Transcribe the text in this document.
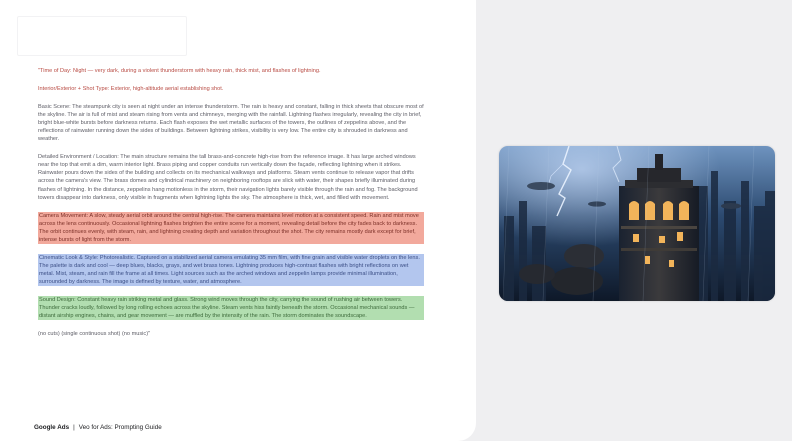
"Time of Day: Night — very dark, during a violent thunderstorm with heavy rain, thick mist, and flashes of lightning.

Interior/Exterior + Shot Type: Exterior, high-altitude aerial establishing shot.

Basic Scene: The steampunk city is seen at night under an intense thunderstorm. The rain is heavy and constant, falling in thick sheets that obscure most of the skyline. The air is full of mist and steam rising from vents and chimneys, merging with the rainfall. Lightning flashes irregularly, revealing the city in brief, bright blue-white bursts before darkness returns. Each flash exposes the wet metallic surfaces of the towers, the outlines of zeppelins above, and the reflections of rainwater running down the sides of buildings. Between lightning strikes, visibility is very low. The entire city is shrouded in darkness and weather.

Detailed Environment / Location: The main structure remains the tall brass-and-concrete high-rise from the reference image. It has large arched windows near the top that emit a dim, warm interior light. Brass piping and copper conduits run vertically down the façade, reflecting lightning when it strikes. Rainwater pours down the sides of the building and collects on its mechanical walkways and platforms. Steam vents continue to release vapor that drifts across the camera's view. The brass domes and cylindrical machinery on neighboring rooftops are slick with water, their shapes briefly illuminated during flashes of lightning. In the distance, zeppelins hang motionless in the storm, their navigation lights barely visible through the rain and fog. The background towers disappear into darkness, only visible in fragments when lightning lights the sky. The atmosphere is thick, wet, and filled with movement.

Camera Movement: A slow, steady aerial orbit around the central high-rise. The camera maintains level motion at a consistent speed. Rain and mist move across the lens continuously. Occasional lightning flashes brighten the entire scene for a moment, revealing detail before the city fades back to darkness. The orbit continues evenly, with steam, rain, and lightning creating depth and variation throughout the shot. The city remains mostly dark except for brief, intense bursts of light from the storm.

Cinematic Look & Style: Photorealistic. Captured on a stabilized aerial camera emulating 35 mm film, with fine grain and visible water droplets on the lens. The palette is dark and cool — deep blues, blacks, grays, and wet brass tones. Lightning produces high-contrast flashes with bright reflections on wet metal. Mist, steam, and rain fill the frame at all times. Light sources such as the arched windows and zeppelin lamps provide minimal illumination, surrounded by darkness. The image is defined by texture, water, and atmosphere.

Sound Design: Constant heavy rain striking metal and glass. Strong wind moves through the city, carrying the sound of rushing air between towers. Thunder cracks loudly, followed by long rolling echoes across the skyline. Steam vents hiss faintly beneath the storm. Occasional mechanical sounds — distant airship engines, chains, and gear movement — are muffled by the intensity of the rain. The storm dominates the soundscape.

(no cuts) (single continuous shot) (no music)"

Google Ads | Veo for Ads: Prompting Guide
